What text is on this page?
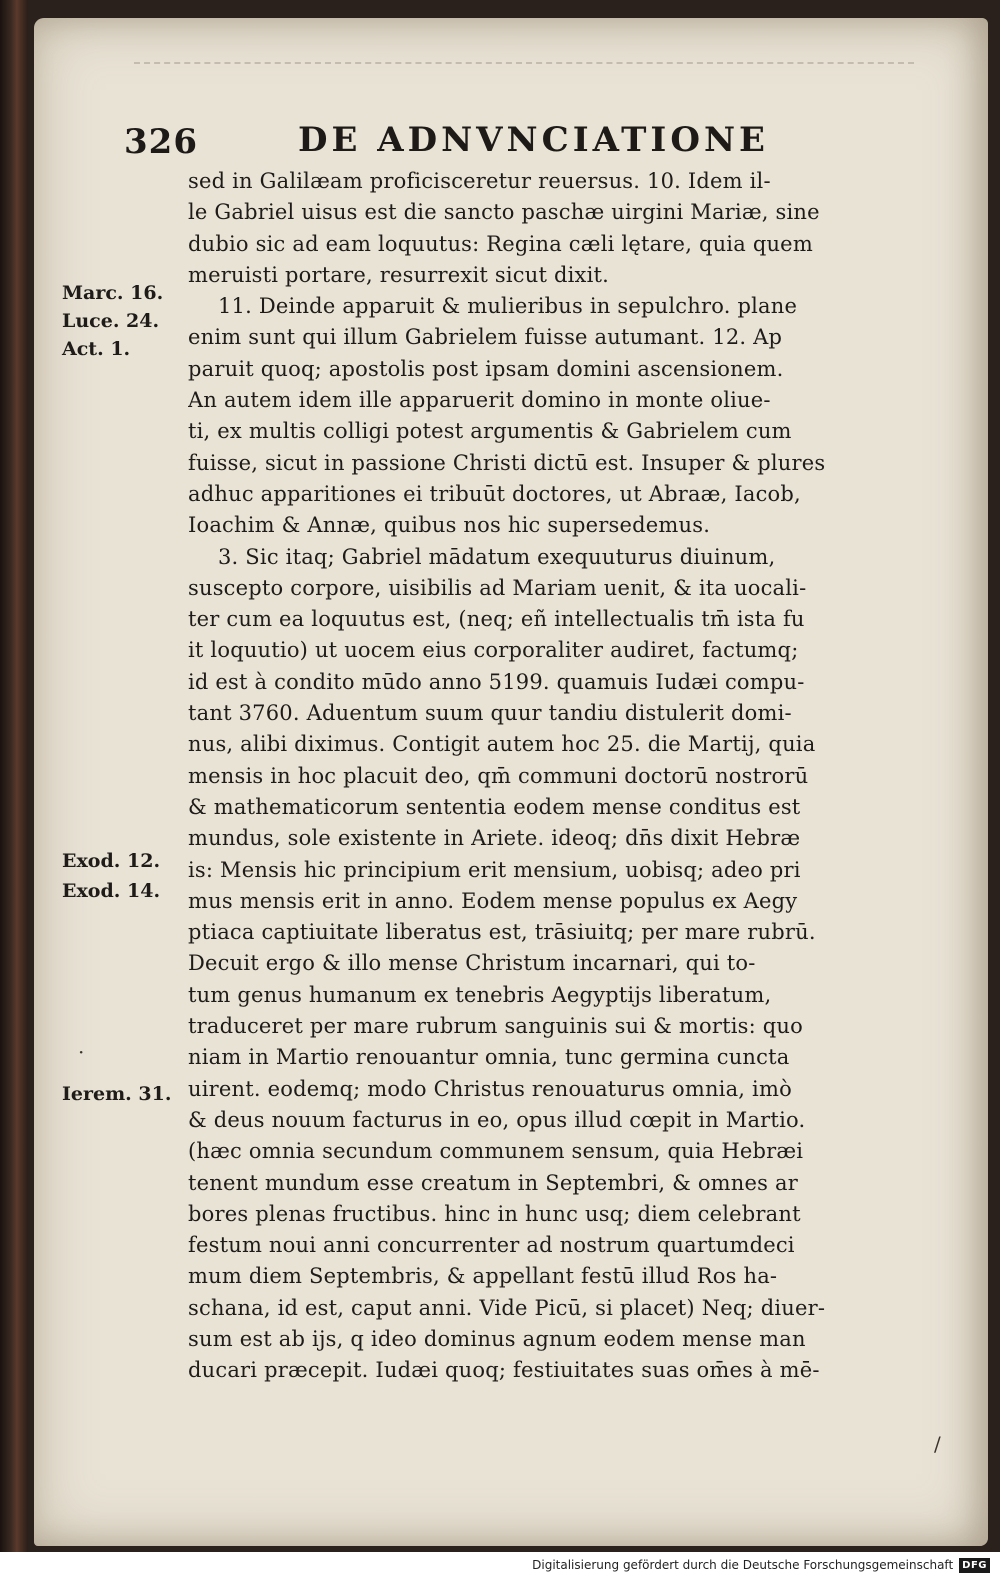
326	DE ADNVNCIATIONE
Marc. 16.
Luce. 24.
Act. 1.
Exod. 12.
Exod. 14.
Ierem. 31.
·
/
sed in Galilæam proficisceretur reuersus. 10. Idem il-
le Gabriel uisus est die sancto paschæ uirgini Mariæ, sine
dubio sic ad eam loquutus: Regina cæli lętare, quia quem
meruisti portare, resurrexit sicut dixit.
11. Deinde apparuit & mulieribus in sepulchro. plane
enim sunt qui illum Gabrielem fuisse autumant. 12. Ap
paruit quoq; apostolis post ipsam domini ascensionem.
An autem idem ille apparuerit domino in monte oliue-
ti, ex multis colligi potest argumentis & Gabrielem cum
fuisse, sicut in passione Christi dictū est. Insuper & plures
adhuc apparitiones ei tribuūt doctores, ut Abraæ, Iacob,
Ioachim & Annæ, quibus nos hic supersedemus.
3. Sic itaq; Gabriel mādatum exequuturus diuinum,
suscepto corpore, uisibilis ad Mariam uenit, & ita uocali-
ter cum ea loquutus est, (neq; eñ intellectualis tm̄ ista fu
it loquutio) ut uocem eius corporaliter audiret, factumq;
id est à condito mūdo anno 5199. quamuis Iudæi compu-
tant 3760. Aduentum suum quur tandiu distulerit domi-
nus, alibi diximus. Contigit autem hoc 25. die Martij, quia
mensis in hoc placuit deo, qm̄ communi doctorū nostrorū
& mathematicorum sententia eodem mense conditus est
mundus, sole existente in Ariete. ideoq; dn̄s dixit Hebræ
is: Mensis hic principium erit mensium, uobisq; adeo pri
mus mensis erit in anno. Eodem mense populus ex Aegy
ptiaca captiuitate liberatus est, trāsiuitq; per mare rubrū.
Decuit ergo & illo mense Christum incarnari, qui to-
tum genus humanum ex tenebris Aegyptijs liberatum,
traduceret per mare rubrum sanguinis sui & mortis: quo
niam in Martio renouantur omnia, tunc germina cuncta
uirent. eodemq; modo Christus renouaturus omnia, imò
& deus nouum facturus in eo, opus illud cœpit in Martio.
(hæc omnia secundum communem sensum, quia Hebræi
tenent mundum esse creatum in Septembri, & omnes ar
bores plenas fructibus. hinc in hunc usq; diem celebrant
festum noui anni concurrenter ad nostrum quartumdeci
mum diem Septembris, & appellant festū illud Ros ha-
schana, id est, caput anni. Vide Picū, si placet) Neq; diuer-
sum est ab ijs, q ideo dominus agnum eodem mense man
ducari præcepit. Iudæi quoq; festiuitates suas om̄es à mē-
Digitalisierung gefördert durch die Deutsche Forschungsgemeinschaft DFG
